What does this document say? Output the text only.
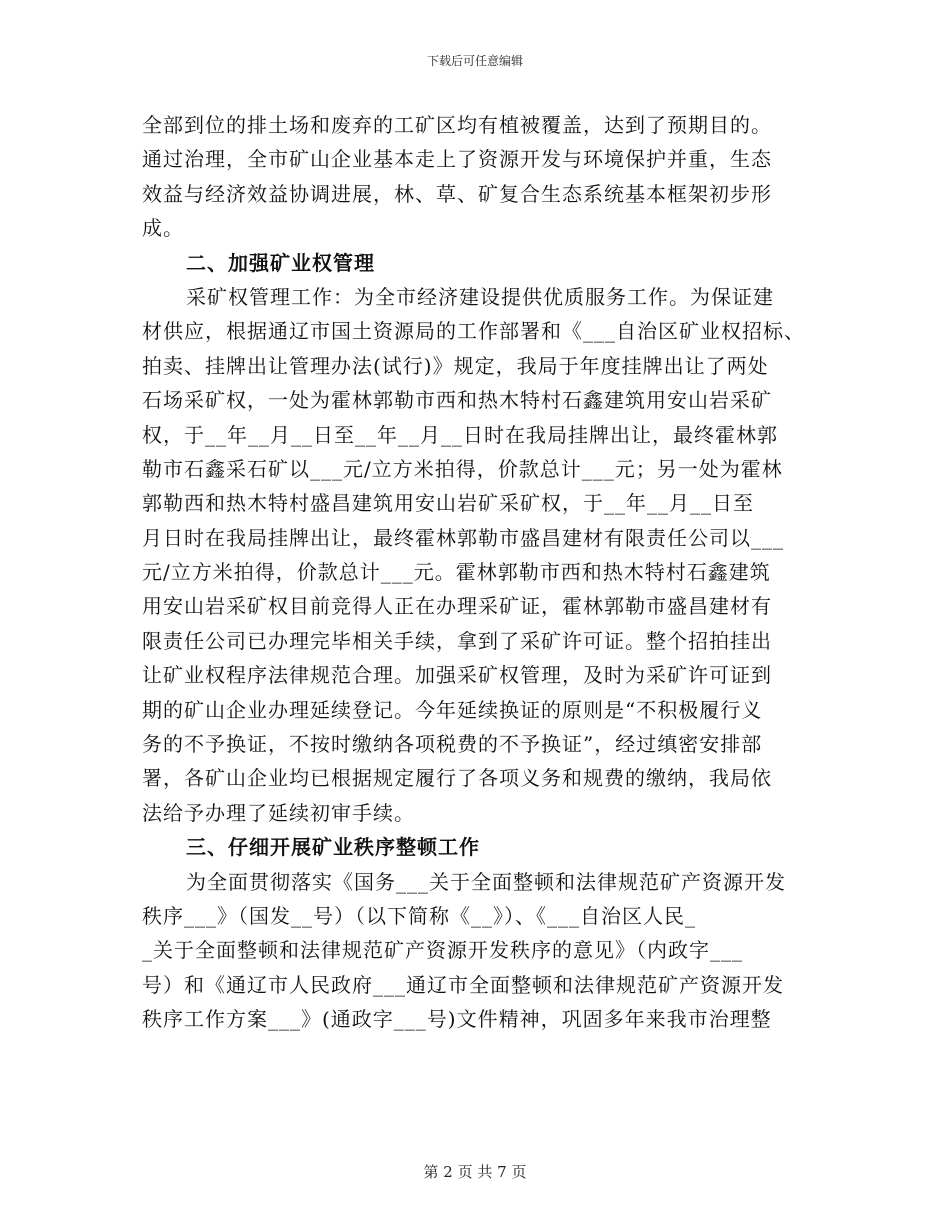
下载后可任意编辑
全部到位的排土场和废弃的工矿区均有植被覆盖，达到了预期目的。
通过治理，全市矿山企业基本走上了资源开发与环境保护并重，生态
效益与经济效益协调进展，林、草、矿复合生态系统基本框架初步形
成。
二、加强矿业权管理
采矿权管理工作：为全市经济建设提供优质服务工作。为保证建
材供应，根据通辽市国土资源局的工作部署和《___自治区矿业权招标、
拍卖、挂牌出让管理办法(试行)》规定，我局于年度挂牌出让了两处
石场采矿权，一处为霍林郭勒市西和热木特村石鑫建筑用安山岩采矿
权，于__年__月__日至__年__月__日时在我局挂牌出让，最终霍林郭
勒市石鑫采石矿以___元/立方米拍得，价款总计___元；另一处为霍林
郭勒西和热木特村盛昌建筑用安山岩矿采矿权，于__年__月__日至
月日时在我局挂牌出让，最终霍林郭勒市盛昌建材有限责任公司以___
元/立方米拍得，价款总计___元。霍林郭勒市西和热木特村石鑫建筑
用安山岩采矿权目前竞得人正在办理采矿证，霍林郭勒市盛昌建材有
限责任公司已办理完毕相关手续，拿到了采矿许可证。整个招拍挂出
让矿业权程序法律规范合理。加强采矿权管理，及时为采矿许可证到
期的矿山企业办理延续登记。今年延续换证的原则是“不积极履行义
务的不予换证，不按时缴纳各项税费的不予换证”，经过缜密安排部
署，各矿山企业均已根据规定履行了各项义务和规费的缴纳，我局依
法给予办理了延续初审手续。
三、仔细开展矿业秩序整顿工作
为全面贯彻落实《国务___关于全面整顿和法律规范矿产资源开发
秩序___》（国发__号）（以下简称《__》）、《___自治区人民_
_关于全面整顿和法律规范矿产资源开发秩序的意见》（内政字___
号）和《通辽市人民政府___通辽市全面整顿和法律规范矿产资源开发
秩序工作方案___》(通政字___号)文件精神，巩固多年来我市治理整
第 2 页 共 7 页
